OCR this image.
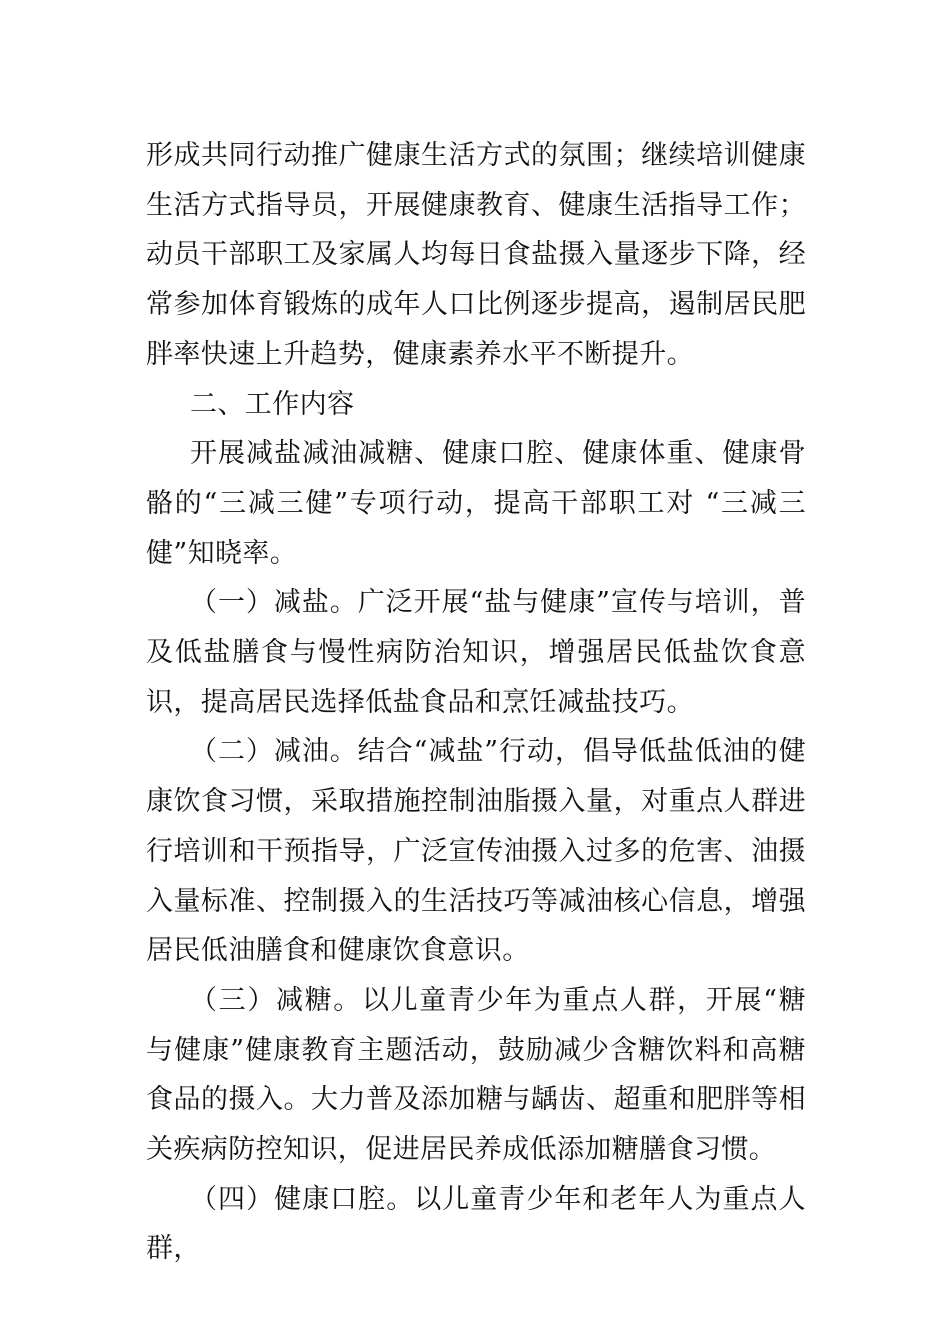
形成共同行动推广健康生活方式的氛围；继续培训健康生活方式指导员，开展健康教育、健康生活指导工作；动员干部职工及家属人均每日食盐摄入量逐步下降，经常参加体育锻炼的成年人口比例逐步提高，遏制居民肥胖率快速上升趋势，健康素养水平不断提升。

二、工作内容

开展减盐减油减糖、健康口腔、健康体重、健康骨骼的“三减三健”专项行动，提高干部职工对 “三减三健”知晓率。

（一）减盐。广泛开展“盐与健康”宣传与培训，普及低盐膳食与慢性病防治知识，增强居民低盐饮食意识，提高居民选择低盐食品和烹饪减盐技巧。

（二）减油。结合“减盐”行动，倡导低盐低油的健康饮食习惯，采取措施控制油脂摄入量，对重点人群进行培训和干预指导，广泛宣传油摄入过多的危害、油摄入量标准、控制摄入的生活技巧等减油核心信息，增强居民低油膳食和健康饮食意识。

（三）减糖。以儿童青少年为重点人群，开展“糖与健康”健康教育主题活动，鼓励减少含糖饮料和高糖食品的摄入。大力普及添加糖与龋齿、超重和肥胖等相关疾病防控知识，促进居民养成低添加糖膳食习惯。

（四）健康口腔。以儿童青少年和老年人为重点人群，
